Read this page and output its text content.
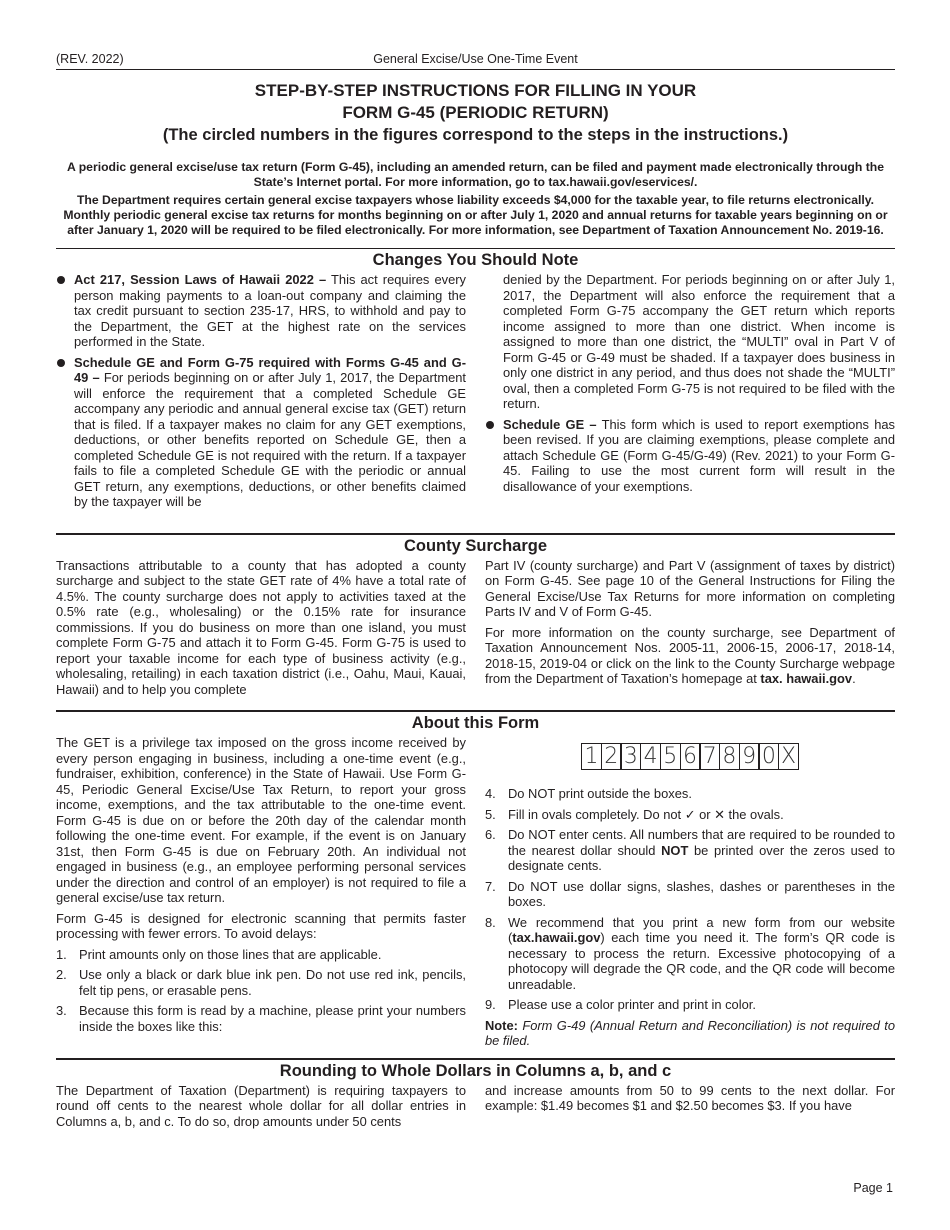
(REV. 2022)	General Excise/Use One-Time Event
STEP-BY-STEP INSTRUCTIONS FOR FILLING IN YOUR
FORM G-45 (PERIODIC RETURN)
(The circled numbers in the figures correspond to the steps in the instructions.)

A periodic general excise/use tax return (Form G-45), including an amended return, can be filed and payment made electronically through the State’s Internet portal. For more information, go to tax.hawaii.gov/eservices/.

The Department requires certain general excise taxpayers whose liability exceeds $4,000 for the taxable year, to file returns electronically. Monthly periodic general excise tax returns for months beginning on or after July 1, 2020 and annual returns for taxable years beginning on or after January 1, 2020 will be required to be filed electronically. For more information, see Department of Taxation Announcement No. 2019-16.

Changes You Should Note
Act 217, Session Laws of Hawaii 2022 – This act requires every person making payments to a loan-out company and claiming the tax credit pursuant to section 235-17, HRS, to withhold and pay to the Department, the GET at the highest rate on the services performed in the State.
Schedule GE and Form G-75 required with Forms G-45 and G-49 – For periods beginning on or after July 1, 2017, the Department will enforce the requirement that a completed Schedule GE accompany any periodic and annual general excise tax (GET) return that is filed. If a taxpayer makes no claim for any GET exemptions, deductions, or other benefits reported on Schedule GE, then a completed Schedule GE is not required with the return. If a taxpayer fails to file a completed Schedule GE with the periodic or annual GET return, any exemptions, deductions, or other benefits claimed by the taxpayer will be

denied by the Department. For periods beginning on or after July 1, 2017, the Department will also enforce the requirement that a completed Form G-75 accompany the GET return which reports income assigned to more than one district. When income is assigned to more than one district, the “MULTI” oval in Part V of Form G-45 or G-49 must be shaded. If a taxpayer does business in only one district in any period, and thus does not shade the “MULTI” oval, then a completed Form G-75 is not required to be filed with the return.

Schedule GE – This form which is used to report exemptions has been revised. If you are claiming exemptions, please complete and attach Schedule GE (Form G-45/G-49) (Rev. 2021) to your Form G-45. Failing to use the most current form will result in the disallowance of your exemptions.
County Surcharge

Transactions attributable to a county that has adopted a county surcharge and subject to the state GET rate of 4% have a total rate of 4.5%. The county surcharge does not apply to activities taxed at the 0.5% rate (e.g., wholesaling) or the 0.15% rate for insurance commissions. If you do business on more than one island, you must complete Form G-75 and attach it to Form G-45. Form G-75 is used to report your taxable income for each type of business activity (e.g., wholesaling, retailing) in each taxation district (i.e., Oahu, Maui, Kauai, Hawaii) and to help you complete

Part IV (county surcharge) and Part V (assignment of taxes by district) on Form G-45. See page 10 of the General Instructions for Filing the General Excise/Use Tax Returns for more information on completing Parts IV and V of Form G-45.

For more information on the county surcharge, see Department of Taxation Announcement Nos. 2005-11, 2006-15, 2006-17, 2018-14, 2018-15, 2019-04 or click on the link to the County Surcharge webpage from the Department of Taxation’s homepage at tax. hawaii.gov.

About this Form

The GET is a privilege tax imposed on the gross income received by every person engaging in business, including a one-time event (e.g., fundraiser, exhibition, conference) in the State of Hawaii. Use Form G-45, Periodic General Excise/Use Tax Return, to report your gross income, exemptions, and the tax attributable to the one-time event. Form G-45 is due on or before the 20th day of the calendar month following the one-time event. For example, if the event is on January 31st, then Form G-45 is due on February 20th. An individual not engaged in business (e.g., an employee performing personal services under the direction and control of an employer) is not required to file a general excise/use tax return.

Form G-45 is designed for electronic scanning that permits faster processing with fewer errors. To avoid delays:

1. Print amounts only on those lines that are applicable.
2. Use only a black or dark blue ink pen. Do not use red ink, pencils, felt tip pens, or erasable pens.
3. Because this form is read by a machine, please print your numbers inside the boxes like this:
1 2 3 4 5 6 7 8 9 0 X
4. Do NOT print outside the boxes.
5. Fill in ovals completely. Do not ✓ or ✕ the ovals.
6. Do NOT enter cents. All numbers that are required to be rounded to the nearest dollar should NOT be printed over the zeros used to designate cents.
7. Do NOT use dollar signs, slashes, dashes or parentheses in the boxes.
8. We recommend that you print a new form from our website (tax.hawaii.gov) each time you need it. The form’s QR code is necessary to process the return. Excessive photocopying of a photocopy will degrade the QR code, and the QR code will become unreadable.
9. Please use a color printer and print in color.

Note: Form G-49 (Annual Return and Reconciliation) is not required to be filed.

Rounding to Whole Dollars in Columns a, b, and c

The Department of Taxation (Department) is requiring taxpayers to round off cents to the nearest whole dollar for all dollar entries in Columns a, b, and c. To do so, drop amounts under 50 cents

and increase amounts from 50 to 99 cents to the next dollar. For example: $1.49 becomes $1 and $2.50 becomes $3. If you have

Page 1
